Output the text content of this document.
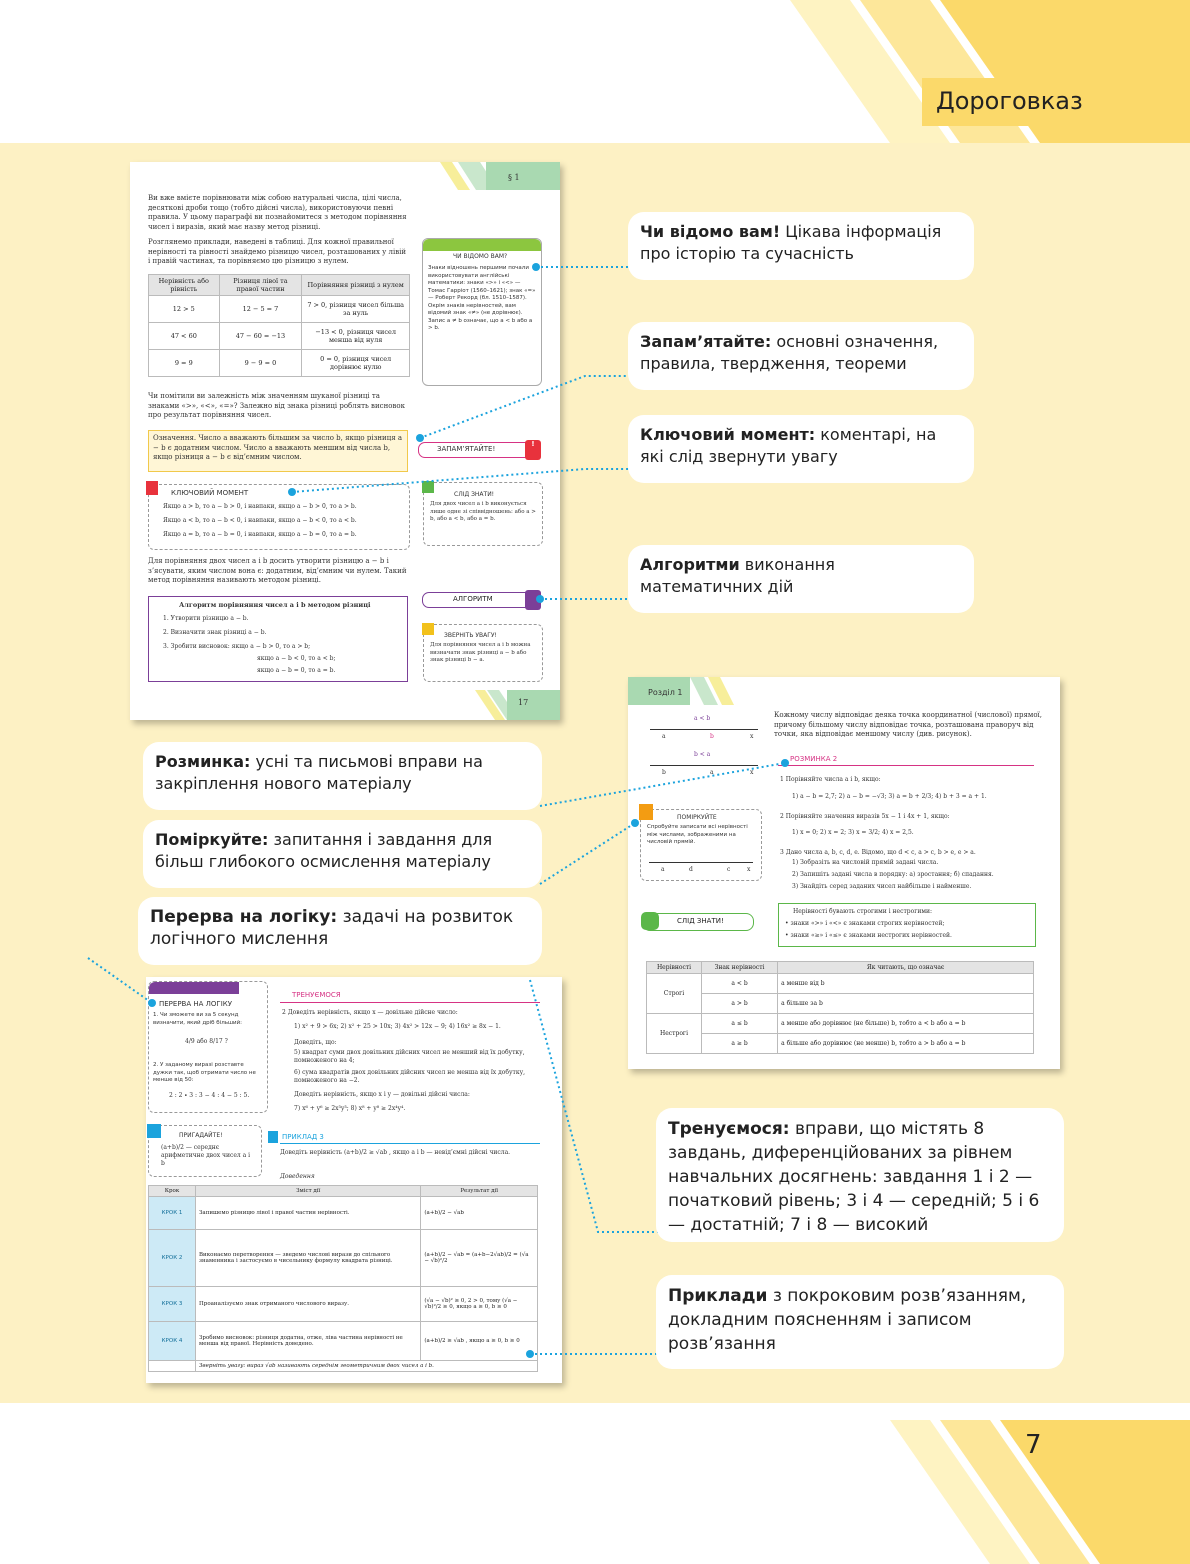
Дороговказ
7
§ 1
Ви вже вмієте порівнювати між собою натуральні числа, цілі числа, десяткові дроби тощо (тобто дійсні числа), використовуючи певні правила. У цьому параграфі ви познайомитеся з методом порівняння чисел і виразів, який має назву метод різниці.
Розглянемо приклади, наведені в таблиці. Для кожної правильної нерівності та рівності знайдемо різницю чисел, розташованих у лівій і правій частинах, та порівняємо цю різницю з нулем.
Нерівність або рівність	Різниця лівої та правої частин	Порівняння різниці з нулем
12 > 5	12 − 5 = 7	7 > 0, різниця чисел більша за нуль
47 < 60	47 − 60 = −13	−13 < 0, різниця чисел менша від нуля
9 = 9	9 − 9 = 0	0 = 0, різниця чисел дорівнює нулю
ЧИ ВІДОМО ВАМ?
Знаки відношень першими почали використовувати англійські математики: знаки «>» і «<» — Томас Гарріот (1560–1621); знак «=» — Роберт Рекорд (бл. 1510–1587). Окрім знаків нерівностей, вам відомий знак «≠» (не дорівнює). Запис a ≠ b означає, що a < b або a > b.
Чи помітили ви залежність між значенням шуканої різниці та знаками «>», «<», «=»? Залежно від знака різниці роблять висновок про результат порівняння чисел.
Означення. Число a вважають більшим за число b, якщо різниця a − b є додатним числом. Число a вважають меншим від числа b, якщо різниця a − b є від’ємним числом.
ЗАПАМ’ЯТАЙТЕ!
!
КЛЮЧОВИЙ МОМЕНТ
Якщо a > b, то a − b > 0, і навпаки, якщо a − b > 0, то a > b.
Якщо a < b, то a − b < 0, і навпаки, якщо a − b < 0, то a < b.
Якщо a = b, то a − b = 0, і навпаки, якщо a − b = 0, то a = b.
СЛІД ЗНАТИ!
Для двох чисел a і b виконується лише одне зі співвідношень: або a > b, або a < b, або a = b.
Для порівняння двох чисел a і b досить утворити різницю a − b і з’ясувати, яким числом вона є: додатним, від’ємним чи нулем. Такий метод порівняння називають методом різниці.
АЛГОРИТМ
Алгоритм порівняння чисел a і b методом різниці
1. Утворити різницю a − b.
2. Визначити знак різниці a − b.
3. Зробити висновок: якщо a − b > 0, то a > b;
якщо a − b < 0, то a < b;
якщо a − b = 0, то a = b.
ЗВЕРНІТЬ УВАГУ!
Для порівняння чисел a і b можна визначати знак різниці a − b або знак різниці b − a.
17
Розділ 1
Кожному числу відповідає деяка точка координатної (числової) прямої, причому більшому числу відповідає точка, розташована праворуч від точки, яка відповідає меншому числу (див. рисунок).
a < b
a	b	x
b < a
b	a	x
РОЗМИНКА 2
1 Порівняйте числа a і b, якщо:
1) a − b = 2,7; 2) a − b = −√3; 3) a = b + 2/3; 4) b + 3 = a + 1.
2 Порівняйте значення виразів 5x − 1 і 4x + 1, якщо:
1) x = 0; 2) x = 2; 3) x = 3/2; 4) x = 2,5.
3 Дано числа a, b, c, d, e. Відомо, що d < c, a > c, b > e, e > a.
1) Зобразіть на числовій прямій задані числа.
2) Запишіть задані числа в порядку: а) зростання; б) спадання.
3) Знайдіть серед заданих чисел найбільше і найменше.
ПОМІРКУЙТЕ
Спробуйте записати всі нерівності між числами, зображеними на числовій прямій.
a	d	c	x
СЛІД ЗНАТИ!
Нерівності бувають строгими і нестрогими:
• знаки «>» і «<» є знаками строгих нерівностей;
• знаки «≥» і «≤» є знаками нестрогих нерівностей.
Нерівності	Знак нерівності	Як читають, що означає
Строгі	a < b	a менше від b
	a > b	a більше за b
Нестрогі	a ≤ b	a менше або дорівнює (не більше) b, тобто a < b або a = b
	a ≥ b	a більше або дорівнює (не менше) b, тобто a > b або a = b
ПЕРЕРВА НА ЛОГІКУ
1. Чи зможете ви за 5 секунд визначити, який дріб більший:
4/9 або 8/17 ?
2. У заданому виразі розставте дужки так, щоб отримати число не менше від 50:
2 : 2 ∙ 3 : 3 − 4 : 4 − 5 : 5.
ТРЕНУЄМОСЯ
2 Доведіть нерівність, якщо x — довільне дійсне число:
1) x² + 9 > 6x; 2) x² + 25 > 10x; 3) 4x² > 12x − 9; 4) 16x² ≥ 8x − 1.
Доведіть, що:
5) квадрат суми двох довільних дійсних чисел не менший від їх добутку, помноженого на 4;
6) сума квадратів двох довільних дійсних чисел не менша від їх добутку, помноженого на −2.
Доведіть нерівність, якщо x і y — довільні дійсні числа:
7) x⁶ + y⁶ ≥ 2x³y³; 8) x⁸ + y⁸ ≥ 2x⁴y⁴.
ПРИГАДАЙТЕ!
(a+b)/2 — середнє арифметичне двох чисел a і b
ПРИКЛАД 3
Доведіть нерівність (a+b)/2 ≥ √ab , якщо a і b — невід’ємні дійсні числа.
Доведення
Крок	Зміст дії	Результат дії
КРОК 1	Запишемо різницю лівої і правої частин нерівності.	(a+b)/2 − √ab
КРОК 2	Виконаємо перетворення — зведемо числові вирази до спільного знаменника і застосуємо в чисельнику формулу квадрата різниці.	(a+b)/2 − √ab = (a+b−2√ab)/2 = (√a − √b)²/2
КРОК 3	Проаналізуємо знак отриманого числового виразу.	(√a − √b)² ≥ 0, 2 > 0, тому (√a − √b)²/2 ≥ 0, якщо a ≥ 0, b ≥ 0
КРОК 4	Зробимо висновок: різниця додатна, отже, ліва частина нерівності не менша від правої. Нерівність доведено.	(a+b)/2 ≥ √ab , якщо a ≥ 0, b ≥ 0
	Зверніть увагу: вираз √ab називають середнім геометричним двох чисел a і b.	
Чи відомо вам! Цікава інформація про історію та сучасність
Запам’ятайте: основні означення, правила, твердження, теореми
Ключовий момент: коментарі, на які слід звернути увагу
Алгоритми виконання математичних дій
Розминка: усні та письмові вправи на закріплення нового матеріалу
Поміркуйте: запитання і завдання для більш глибокого осмислення матеріалу
Перерва на логіку: задачі на розвиток логічного мислення
Тренуємося: вправи, що містять 8 завдань, диференційованих за рівнем навчальних досягнень: завдання 1 і 2 — початковий рівень; 3 і 4 — середній; 5 і 6 — достатній; 7 і 8 — високий
Приклади з покроковим розв’язанням, докладним поясненням і записом розв’язання
